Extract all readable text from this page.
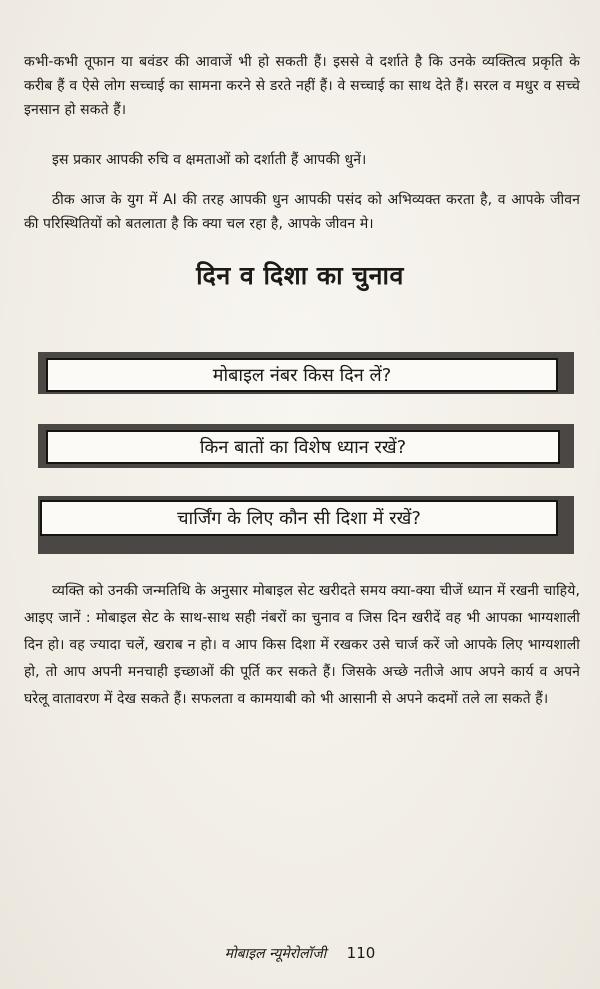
कभी-कभी तूफान या बवंडर की आवाजें भी हो सकती हैं। इससे वे दर्शाते है कि उनके व्यक्तित्व प्रकृति के करीब हैं व ऐसे लोग सच्चाई का सामना करने से डरते नहीं हैं। वे सच्चाई का साथ देते हैं। सरल व मधुर व सच्चे इनसान हो सकते हैं।
इस प्रकार आपकी रुचि व क्षमताओं को दर्शाती हैं आपकी धुनें।
ठीक आज के युग में AI की तरह आपकी धुन आपकी पसंद को अभिव्यक्त करता है, व आपके जीवन की परिस्थितियों को बतलाता है कि क्या चल रहा है, आपके जीवन मे।
दिन व दिशा का चुनाव
मोबाइल नंबर किस दिन लें?
किन बातों का विशेष ध्यान रखें?
चार्जिंग के लिए कौन सी दिशा में रखें?
व्यक्ति को उनकी जन्मतिथि के अनुसार मोबाइल सेट खरीदते समय क्या-क्या चीजें ध्यान में रखनी चाहिये, आइए जानें : मोबाइल सेट के साथ-साथ सही नंबरों का चुनाव व जिस दिन खरीदें वह भी आपका भाग्यशाली दिन हो। वह ज्यादा चलें, खराब न हो। व आप किस दिशा में रखकर उसे चार्ज करें जो आपके लिए भाग्यशाली हो, तो आप अपनी मनचाही इच्छाओं की पूर्ति कर सकते हैं। जिसके अच्छे नतीजे आप अपने कार्य व अपने घरेलू वातावरण में देख सकते हैं। सफलता व कामयाबी को भी आसानी से अपने कदमों तले ला सकते हैं।
मोबाइल न्यूमेरोलॉजी 110
